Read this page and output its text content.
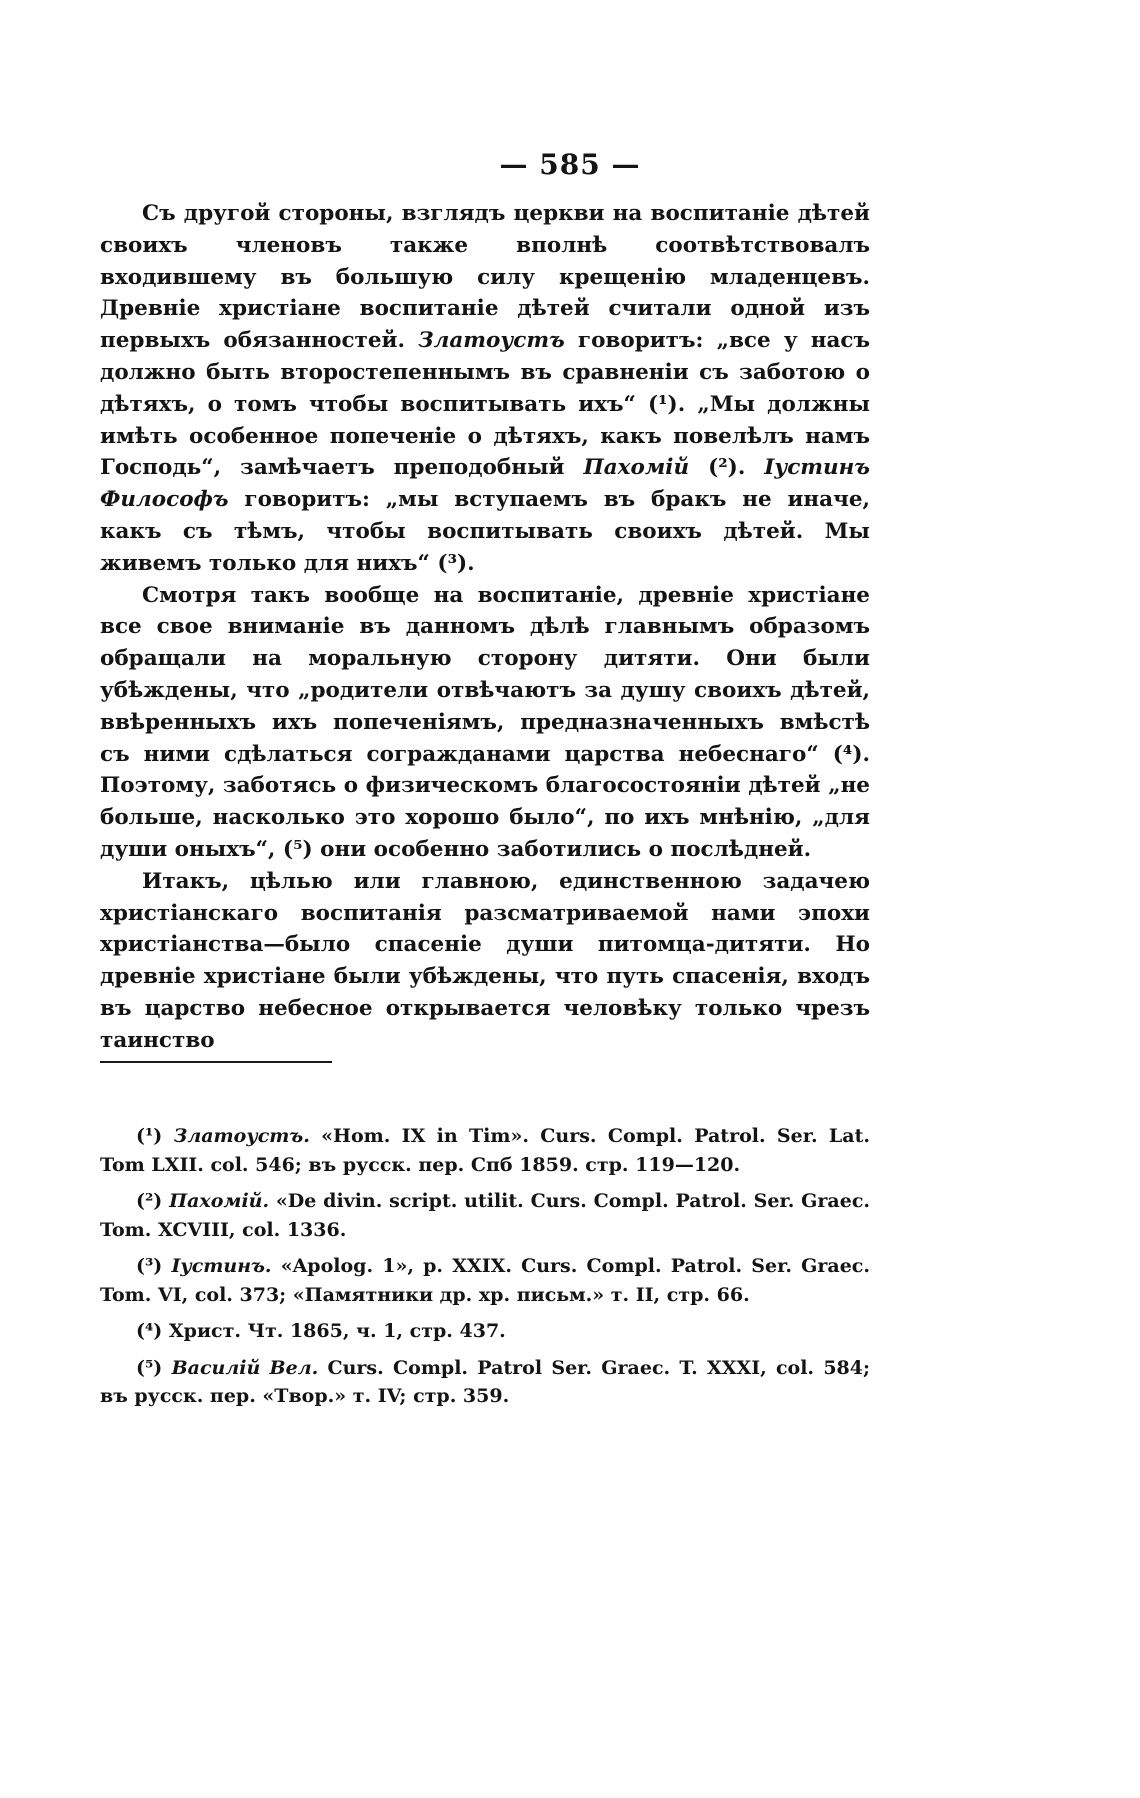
— 585 —

Съ другой стороны, взглядъ церкви на воспитаніе дѣтей своихъ членовъ также вполнѣ соотвѣтствовалъ входившему въ большую силу крещенію младенцевъ. Древніе христіане воспитаніе дѣтей считали одной изъ первыхъ обязанностей. Златоустъ говоритъ: „все у насъ должно быть второстепеннымъ въ сравненіи съ заботою о дѣтяхъ, о томъ чтобы воспитывать ихъ“ (¹). „Мы должны имѣть особенное попеченіе о дѣтяхъ, какъ повелѣлъ намъ Господь“, замѣчаетъ преподобный Пахомій (²). Іустинъ Философъ говоритъ: „мы вступаемъ въ бракъ не иначе, какъ съ тѣмъ, чтобы воспитывать своихъ дѣтей. Мы живемъ только для нихъ“ (³).

Смотря такъ вообще на воспитаніе, древніе христіане все свое вниманіе въ данномъ дѣлѣ главнымъ образомъ обращали на моральную сторону дитяти. Они были убѣждены, что „родители отвѣчаютъ за душу своихъ дѣтей, ввѣренныхъ ихъ попеченіямъ, предназначенныхъ вмѣстѣ съ ними сдѣлаться согражданами царства небеснаго“ (⁴). Поэтому, заботясь о физическомъ благосостояніи дѣтей „не больше, насколько это хорошо было“, по ихъ мнѣнію, „для души оныхъ“, (⁵) они особенно заботились о послѣдней.

Итакъ, цѣлью или главною, единственною задачею христіанскаго воспитанія разсматриваемой нами эпохи христіанства—было спасеніе души питомца-дитяти. Но древніе христіане были убѣждены, что путь спасенія, входъ въ царство небесное открывается человѣку только чрезъ таинство

(¹) Златоустъ. «Hom. IX in Tim». Curs. Compl. Patrol. Ser. Lat. Tom LXII. col. 546; въ русск. пер. Спб 1859. стр. 119—120.

(²) Пахомій. «De divin. script. utilit. Curs. Compl. Patrol. Ser. Graec. Tom. XCVIII, col. 1336.

(³) Іустинъ. «Apolog. 1», p. XXIX. Curs. Compl. Patrol. Ser. Graec. Tom. VI, col. 373; «Памятники др. хр. письм.» т. II, стр. 66.

(⁴) Христ. Чт. 1865, ч. 1, стр. 437.

(⁵) Василій Вел. Curs. Compl. Patrol Ser. Graec. T. XXXI, col. 584; въ русск. пер. «Твор.» т. IV; стр. 359.
